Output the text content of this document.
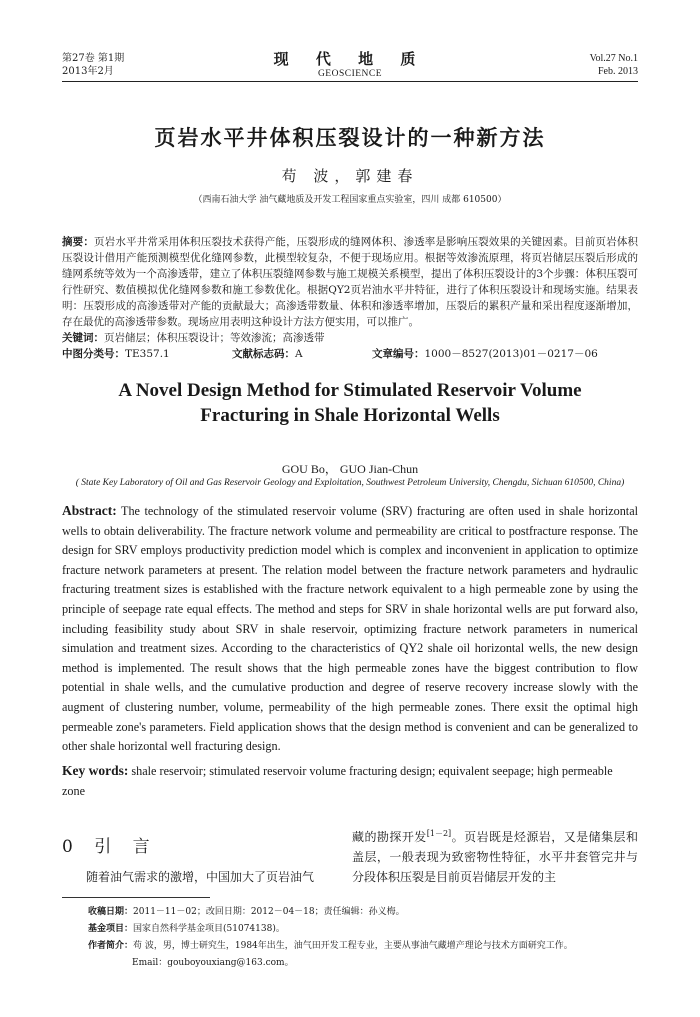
第27卷 第1期
2013年2月
现 代 地 质
GEOSCIENCE
Vol.27 No.1
Feb. 2013
页岩水平井体积压裂设计的一种新方法
苟 波，郭建春
（西南石油大学 油气藏地质及开发工程国家重点实验室，四川 成都 610500）
摘要：页岩水平井常采用体积压裂技术获得产能，压裂形成的缝网体积、渗透率是影响压裂效果的关键因素。目前页岩体积压裂设计借用产能预测模型优化缝网参数，此模型较复杂，不便于现场应用。根据等效渗流原理，将页岩储层压裂后形成的缝网系统等效为一个高渗透带，建立了体积压裂缝网参数与施工规模关系模型，提出了体积压裂设计的3个步骤：体积压裂可行性研究、数值模拟优化缝网参数和施工参数优化。根据QY2页岩油水平井特征，进行了体积压裂设计和现场实施。结果表明：压裂形成的高渗透带对产能的贡献最大；高渗透带数量、体积和渗透率增加，压裂后的累积产量和采出程度逐渐增加，存在最优的高渗透带参数。现场应用表明这种设计方法方便实用，可以推广。
关键词：页岩储层；体积压裂设计；等效渗流；高渗透带
中图分类号：TE357.1	文献标志码：A	文章编号：1000－8527(2013)01－0217－06
A Novel Design Method for Stimulated Reservoir Volume
Fracturing in Shale Horizontal Wells
GOU Bo， GUO Jian-Chun
( State Key Laboratory of Oil and Gas Reservoir Geology and Exploitation, Southwest Petroleum University, Chengdu, Sichuan 610500, China)
Abstract: The technology of the stimulated reservoir volume (SRV) fracturing are often used in shale horizontal wells to obtain deliverability. The fracture network volume and permeability are critical to postfracture response. The design for SRV employs productivity prediction model which is complex and inconvenient in application to optimize fracture network parameters at present. The relation model between the fracture network parameters and hydraulic fracturing treatment sizes is established with the fracture network equivalent to a high permeable zone by using the principle of seepage rate equal effects. The method and steps for SRV in shale horizontal wells are put forward also, including feasibility study about SRV in shale reservoir, optimizing fracture network parameters in numerical simulation and treatment sizes. According to the characteristics of QY2 shale oil horizontal wells, the new design method is implemented. The result shows that the high permeable zones have the biggest contribution to flow potential in shale wells, and the cumulative production and degree of reserve recovery increase slowly with the augment of clustering number, volume, permeability of the high permeable zones. There exsit the optimal high permeable zone's parameters. Field application shows that the design method is convenient and can be generalized to other shale horizontal well fracturing design.
Key words: shale reservoir; stimulated reservoir volume fracturing design; equivalent seepage; high permeable zone
0 引 言
随着油气需求的激增，中国加大了页岩油气
藏的勘探开发[1－2]。页岩既是烃源岩，又是储集层和盖层，一般表现为致密物性特征，水平井套管完井与分段体积压裂是目前页岩储层开发的主
收稿日期：2011－11－02；改回日期：2012－04－18；责任编辑：孙义梅。
基金项目：国家自然科学基金项目(51074138)。
作者简介：苟 波，男，博士研究生，1984年出生，油气田开发工程专业，主要从事油气藏增产理论与技术方面研究工作。
Email：gouboyouxiang@163.com。
